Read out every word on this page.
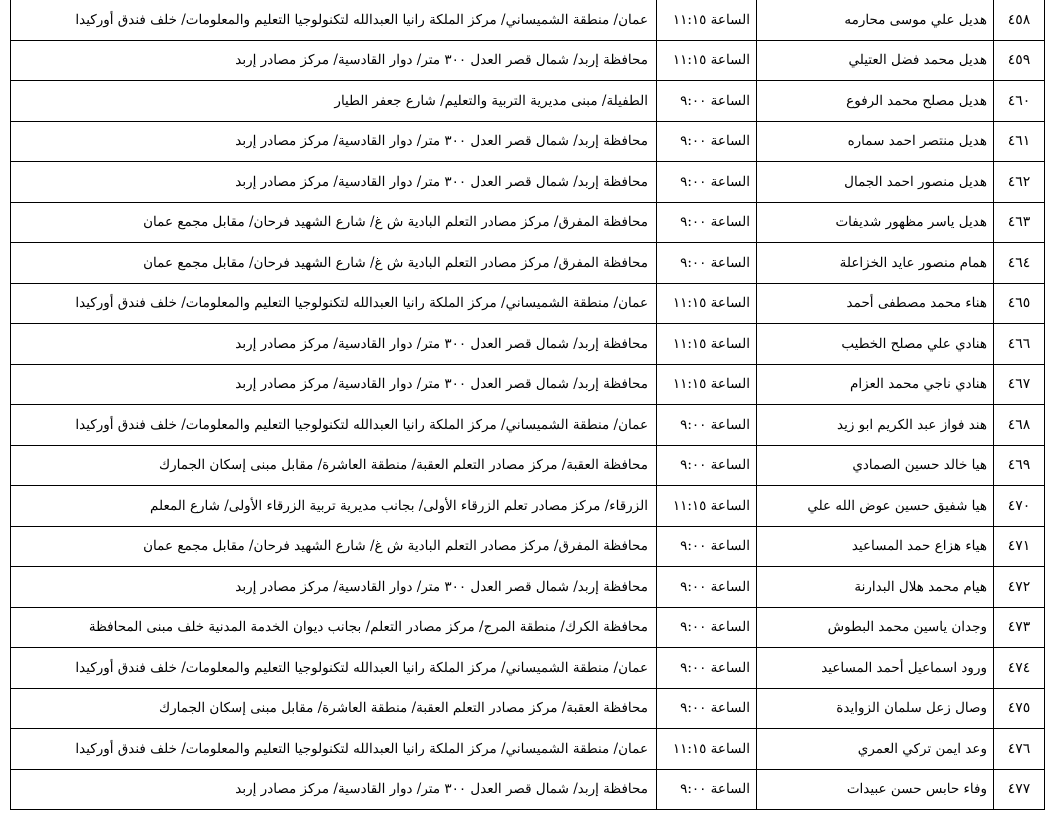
٤٥٨	هديل علي موسى محارمه	الساعة ١١:١٥	عمان/ منطقة الشميساني/ مركز الملكة رانيا العبدالله لتكنولوجيا التعليم والمعلومات/ خلف فندق أوركيدا
٤٥٩	هديل محمد فضل العتيلي	الساعة ١١:١٥	محافظة إربد/ شمال قصر العدل ٣٠٠ متر/ دوار القادسية/ مركز مصادر إربد
٤٦٠	هديل مصلح محمد الرفوع	الساعة ٩:٠٠	الطفيلة/ مبنى مديرية التربية والتعليم/ شارع جعفر الطيار
٤٦١	هديل منتصر احمد سماره	الساعة ٩:٠٠	محافظة إربد/ شمال قصر العدل ٣٠٠ متر/ دوار القادسية/ مركز مصادر إربد
٤٦٢	هديل منصور احمد الجمال	الساعة ٩:٠٠	محافظة إربد/ شمال قصر العدل ٣٠٠ متر/ دوار القادسية/ مركز مصادر إربد
٤٦٣	هديل ياسر مظهور شديفات	الساعة ٩:٠٠	محافظة المفرق/ مركز مصادر التعلم البادية ش غ/ شارع الشهيد فرحان/ مقابل مجمع عمان
٤٦٤	همام منصور عايد الخزاعلة	الساعة ٩:٠٠	محافظة المفرق/ مركز مصادر التعلم البادية ش غ/ شارع الشهيد فرحان/ مقابل مجمع عمان
٤٦٥	هناء محمد مصطفى أحمد	الساعة ١١:١٥	عمان/ منطقة الشميساني/ مركز الملكة رانيا العبدالله لتكنولوجيا التعليم والمعلومات/ خلف فندق أوركيدا
٤٦٦	هنادي علي مصلح الخطيب	الساعة ١١:١٥	محافظة إربد/ شمال قصر العدل ٣٠٠ متر/ دوار القادسية/ مركز مصادر إربد
٤٦٧	هنادي ناجي محمد العزام	الساعة ١١:١٥	محافظة إربد/ شمال قصر العدل ٣٠٠ متر/ دوار القادسية/ مركز مصادر إربد
٤٦٨	هند فواز عبد الكريم ابو زيد	الساعة ٩:٠٠	عمان/ منطقة الشميساني/ مركز الملكة رانيا العبدالله لتكنولوجيا التعليم والمعلومات/ خلف فندق أوركيدا
٤٦٩	هيا خالد حسين الصمادي	الساعة ٩:٠٠	محافظة العقبة/ مركز مصادر التعلم العقبة/ منطقة العاشرة/ مقابل مبنى إسكان الجمارك
٤٧٠	هيا شفيق حسين عوض الله علي	الساعة ١١:١٥	الزرقاء/ مركز مصادر تعلم الزرقاء الأولى/ بجانب مديرية تربية الزرقاء الأولى/ شارع المعلم
٤٧١	هياء هزاع حمد المساعيد	الساعة ٩:٠٠	محافظة المفرق/ مركز مصادر التعلم البادية ش غ/ شارع الشهيد فرحان/ مقابل مجمع عمان
٤٧٢	هيام محمد هلال البدارنة	الساعة ٩:٠٠	محافظة إربد/ شمال قصر العدل ٣٠٠ متر/ دوار القادسية/ مركز مصادر إربد
٤٧٣	وجدان ياسين محمد البطوش	الساعة ٩:٠٠	محافظة الكرك/ منطقة المرج/ مركز مصادر التعلم/ بجانب ديوان الخدمة المدنية خلف مبنى المحافظة
٤٧٤	ورود اسماعيل أحمد المساعيد	الساعة ٩:٠٠	عمان/ منطقة الشميساني/ مركز الملكة رانيا العبدالله لتكنولوجيا التعليم والمعلومات/ خلف فندق أوركيدا
٤٧٥	وصال زعل سلمان الزوايدة	الساعة ٩:٠٠	محافظة العقبة/ مركز مصادر التعلم العقبة/ منطقة العاشرة/ مقابل مبنى إسكان الجمارك
٤٧٦	وعد ايمن تركي العمري	الساعة ١١:١٥	عمان/ منطقة الشميساني/ مركز الملكة رانيا العبدالله لتكنولوجيا التعليم والمعلومات/ خلف فندق أوركيدا
٤٧٧	وفاء حابس حسن عبيدات	الساعة ٩:٠٠	محافظة إربد/ شمال قصر العدل ٣٠٠ متر/ دوار القادسية/ مركز مصادر إربد
